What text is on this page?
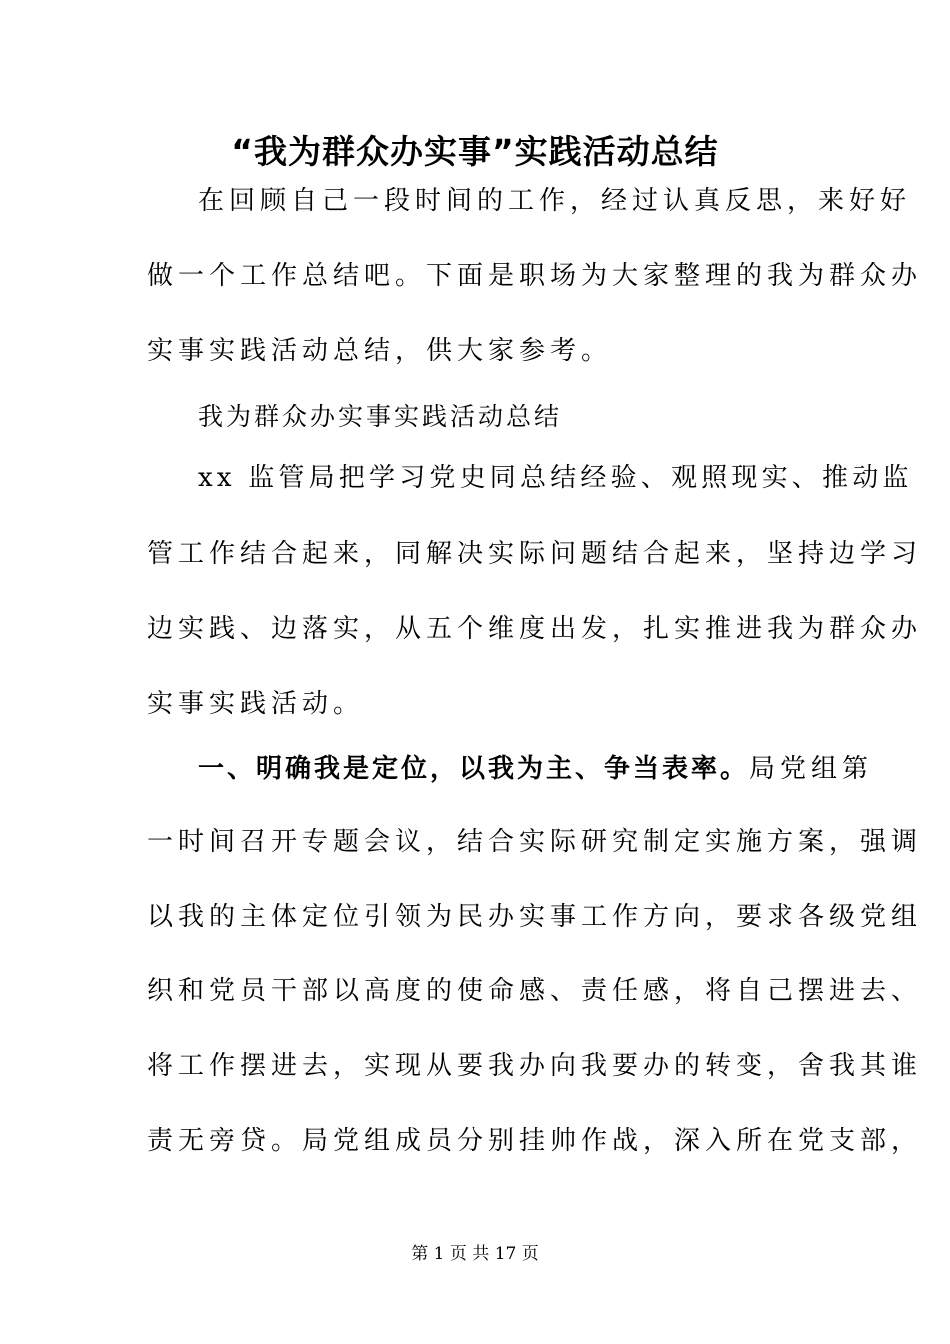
“我为群众办实事”实践活动总结
在回顾自己一段时间的工作，经过认真反思，来好好
做一个工作总结吧。下面是职场为大家整理的我为群众办
实事实践活动总结，供大家参考。
我为群众办实事实践活动总结
xx 监管局把学习党史同总结经验、观照现实、推动监
管工作结合起来，同解决实际问题结合起来，坚持边学习
边实践、边落实，从五个维度出发，扎实推进我为群众办
实事实践活动。
一、明确我是定位，以我为主、争当表率。局党组第
一时间召开专题会议，结合实际研究制定实施方案，强调
以我的主体定位引领为民办实事工作方向，要求各级党组
织和党员干部以高度的使命感、责任感，将自己摆进去、
将工作摆进去，实现从要我办向我要办的转变，舍我其谁
责无旁贷。局党组成员分别挂帅作战，深入所在党支部，
第 1 页 共 17 页
